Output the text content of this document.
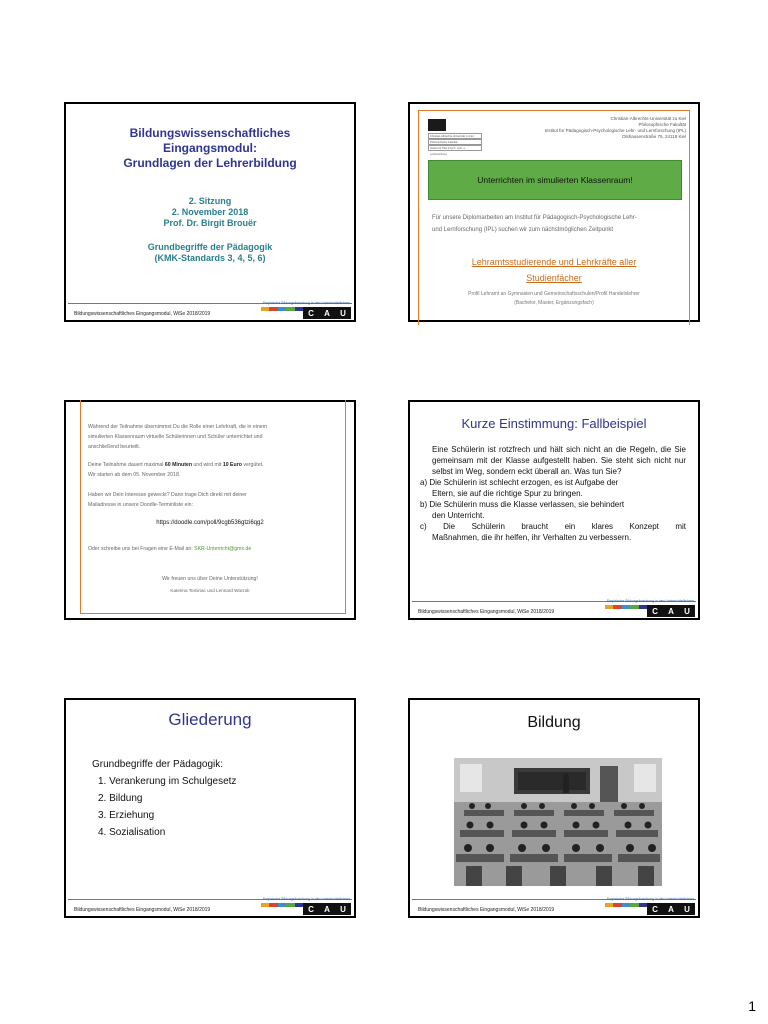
Bildungswissenschaftliches
Eingangsmodul:
Grundlagen der Lehrerbildung
2. Sitzung
2. November 2018
Prof. Dr. Birgit Brouër
Grundbegriffe der Pädagogik
(KMK-Standards 3, 4, 5, 6)
Bildungswissenschaftliches Eingangsmodul, WiSe 2018/2019
Empirische Bildungsforschung in den Unterrichtsfächern
C A U
Christian-Albrechts-Universität zu Kiel
Philosophische Fakultät
Institut für Päd.-Psych. Lehr- u. Lernforschung
Christian-Albrechts-Universität zu Kiel
Philosophische Fakultät
Institut für Pädagogisch-Psychologische Lehr- und Lernforschung (IPL)
Olshausenstraße 75, 24118 Kiel
Unterrichten im simulierten Klassenraum!
Für unsere Diplomarbeiten am Institut für Pädagogisch-Psychologische Lehr-
und Lernforschung (IPL) suchen wir zum nächstmöglichen Zeitpunkt
Lehramtsstudierende und Lehrkräfte aller
Studienfächer
Profil Lehramt an Gymnasien und Gemeinschaftsschulen/Profil Handelslehrer
(Bachelor, Master, Ergänzungsfach)
Während der Teilnahme übernimmst Du die Rolle einer Lehrkraft, die in einem
simulierten Klassenraum virtuelle Schülerinnen und Schüler unterrichtet und
anschließend beurteilt.
Deine Teilnahme dauert maximal 60 Minuten und wird mit 10 Euro vergütet.
Wir starten ab dem 05. November 2018.
Haben wir Dein Interesse geweckt? Dann trage Dich direkt mit deiner
Mailadresse in unsere Doodle-Terminliste ein:
https://doodle.com/poll/9cgb536gtzi6qg2
Oder schreibe uns bei Fragen eine E-Mail an: SKR-Unterricht@gmx.de
Wir freuen uns über Deine Unterstützung!
Katerina Tomiriac und Lennard Warzok
Kurze Einstimmung: Fallbeispiel
Eine Schülerin ist rotzfrech und hält sich nicht an die Regeln, die Sie gemeinsam mit der Klasse aufgestellt haben. Sie steht sich nicht nur selbst im Weg, sondern eckt überall an. Was tun Sie?
a) Die Schülerin ist schlecht erzogen, es ist Aufgabe der
Eltern, sie auf die richtige Spur zu bringen.
b) Die Schülerin muss die Klasse verlassen, sie behindert
den Unterricht.
c) Die Schülerin braucht ein klares Konzept mit
Maßnahmen, die ihr helfen, ihr Verhalten zu verbessern.
Bildungswissenschaftliches Eingangsmodul, WiSe 2018/2019
Empirische Bildungsforschung in den Unterrichtsfächern
C A U
Gliederung
Grundbegriffe der Pädagogik:
1. Verankerung im Schulgesetz
2. Bildung
3. Erziehung
4. Sozialisation
Bildungswissenschaftliches Eingangsmodul, WiSe 2018/2019
Empirische Bildungsforschung in den Unterrichtsfächern
C A U
Bildung
Bildungswissenschaftliches Eingangsmodul, WiSe 2018/2019
Empirische Bildungsforschung in den Unterrichtsfächern
C A U
1
